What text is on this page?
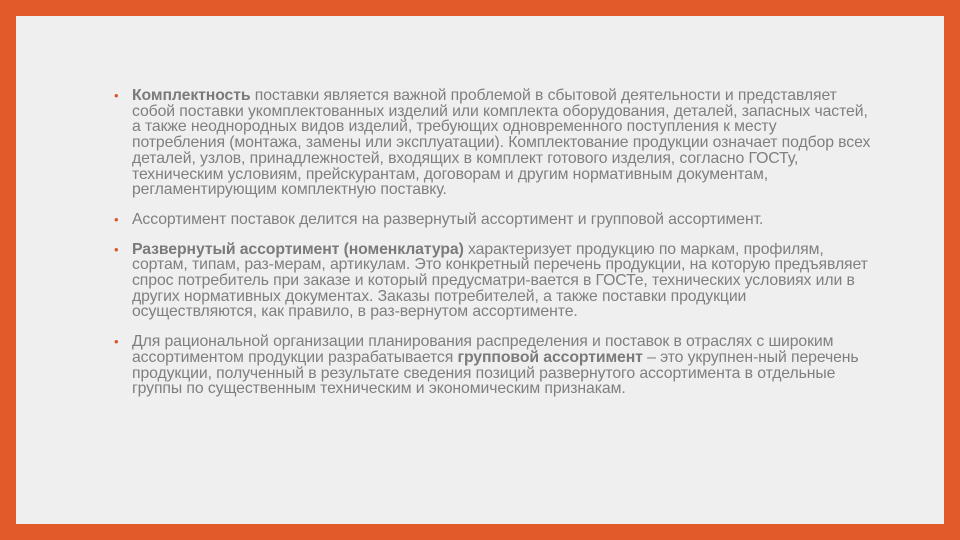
• Комплектность поставки является важной проблемой в сбытовой деятельности и представляет собой поставки укомплектованных изделий или комплекта оборудования, деталей, запасных частей, а также неоднородных видов изделий, требующих одновременного поступления к месту потребления (монтажа, замены или эксплуатации). Комплектование продукции означает подбор всех деталей, узлов, принадлежностей, входящих в комплект готового изделия, согласно ГОСТу, техническим условиям, прейскурантам, договорам и другим нормативным документам, регламентирующим комплектную поставку.
• Ассортимент поставок делится на развернутый ассортимент и групповой ассортимент.
• Развернутый ассортимент (номенклатура) характеризует продукцию по маркам, профилям, сортам, типам, раз-мерам, артикулам. Это конкретный перечень продукции, на которую предъявляет спрос потребитель при заказе и который предусматри-вается в ГОСТе, технических условиях или в других нормативных документах. Заказы потребителей, а также поставки продукции осуществляются, как правило, в раз-вернутом ассортименте.
• Для рациональной организации планирования распределения и поставок в отраслях с широким ассортиментом продукции разрабатывается групповой ассортимент – это укрупнен-ный перечень продукции, полученный в результате сведения позиций развернутого ассортимента в отдельные группы по существенным техническим и экономическим признакам.
